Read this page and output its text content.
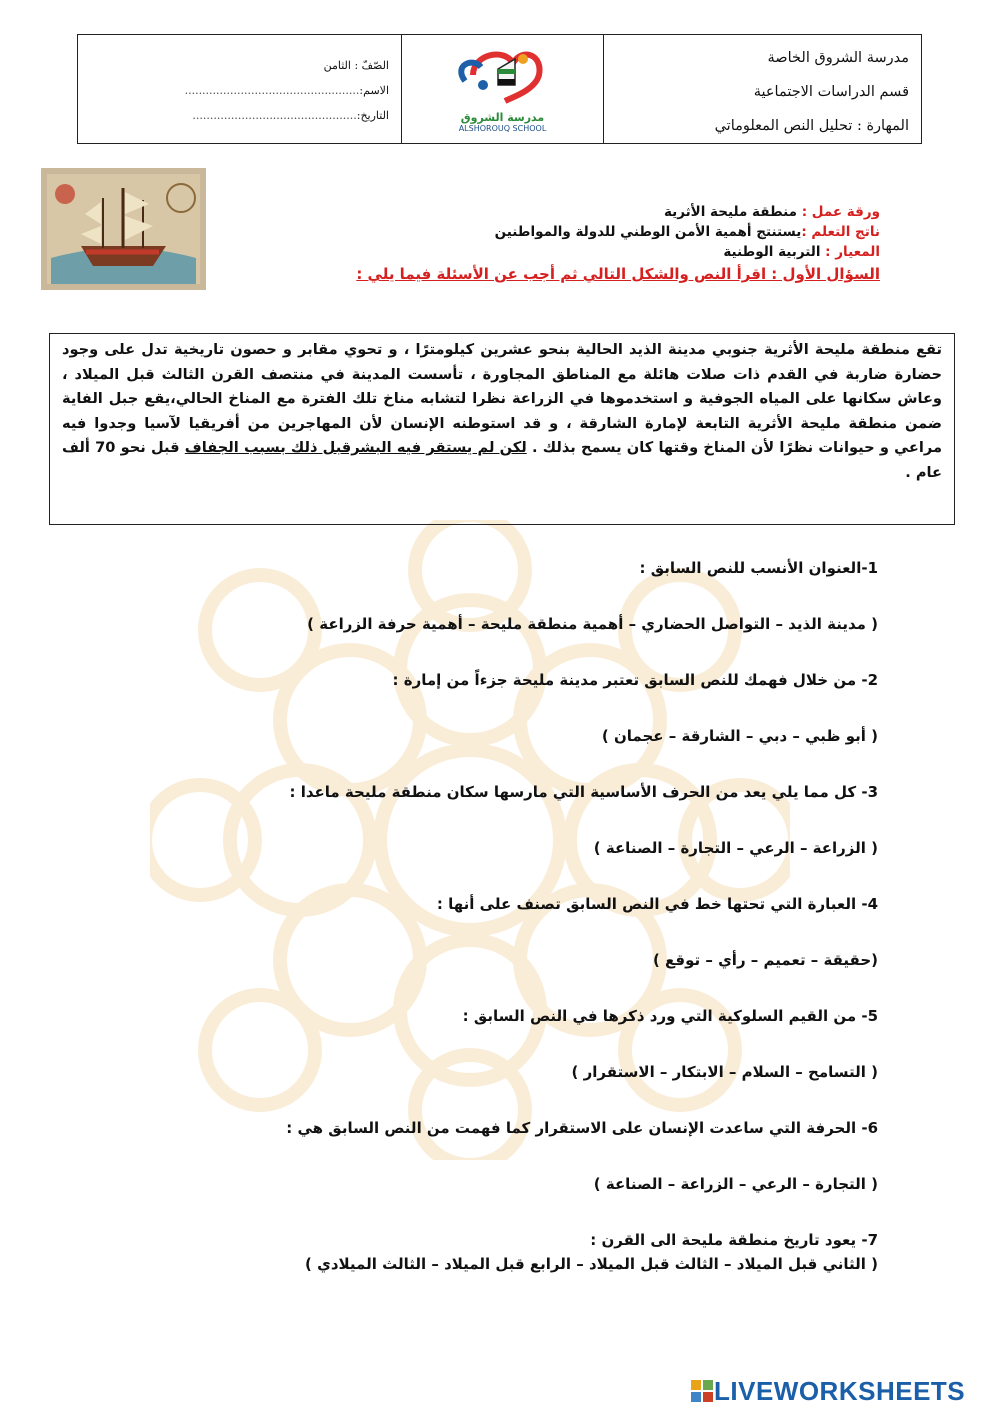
مدرسة الشروق الخاصة
قسم الدراسات الاجتماعية
المهارة : تحليل النص المعلوماتي
مدرسة الشروق
ALSHOROUQ SCHOOL
الصّفّ : الثامن
الاسم:..................................................
التاريخ:...............................................
ورقة عمل : منطقة مليحة الأثرية
ناتج التعلم :يستنتج أهمية الأمن الوطني للدولة والمواطنين
المعيار : التربية الوطنية
السؤال الأول : اقرأ النص والشكل التالي ثم أجب عن الأسئلة فيما يلي :
تقع منطقة مليحة الأثرية جنوبي مدينة الذيد الحالية بنحو عشرين كيلومترًا ، و تحوي مقابر و حصون تاريخية تدل على وجود حضارة ضاربة في القدم ذات صلات هائلة مع المناطق المجاورة ، تأسست المدينة في منتصف القرن الثالث قبل الميلاد ، وعاش سكانها على المياه الجوفية و استخدموها في الزراعة نظرا لتشابه مناخ تلك الفترة مع المناخ الحالي،يقع جبل الفاية ضمن منطقة مليحة الأثرية التابعة لإمارة الشارقة ، و قد استوطنه الإنسان لأن المهاجرين من أفريقيا لآسيا وجدوا فيه مراعي و حيوانات نظرًا لأن المناخ وقتها كان يسمح بذلك . لكن لم يستقر فيه البشرقبل ذلك بسبب الجفاف قبل نحو 70 ألف عام .
1-العنوان الأنسب للنص السابق :
( مدينة الذيد – التواصل الحضاري – أهمية منطقة مليحة – أهمية حرفة الزراعة )
2- من خلال فهمك للنص السابق تعتبر مدينة مليحة جزءاً من إمارة :
( أبو ظبي – دبي – الشارقة – عجمان )
3- كل مما يلي يعد من الحرف الأساسية التي مارسها سكان منطقة مليحة ماعدا :
( الزراعة – الرعي – التجارة – الصناعة )
4- العبارة التي تحتها خط في النص السابق تصنف على أنها :
(حقيقة – تعميم – رأي – توقع )
5- من القيم السلوكية التي ورد ذكرها في النص السابق :
( التسامح – السلام – الابتكار – الاستقرار )
6- الحرفة التي ساعدت الإنسان على الاستقرار كما فهمت من النص السابق هي :
( التجارة – الرعي – الزراعة – الصناعة )
7- يعود تاريخ منطقة مليحة الى القرن :
( الثاني قبل الميلاد – الثالث قبل الميلاد – الرابع قبل الميلاد – الثالث الميلادي )
LIVEWORKSHEETS
